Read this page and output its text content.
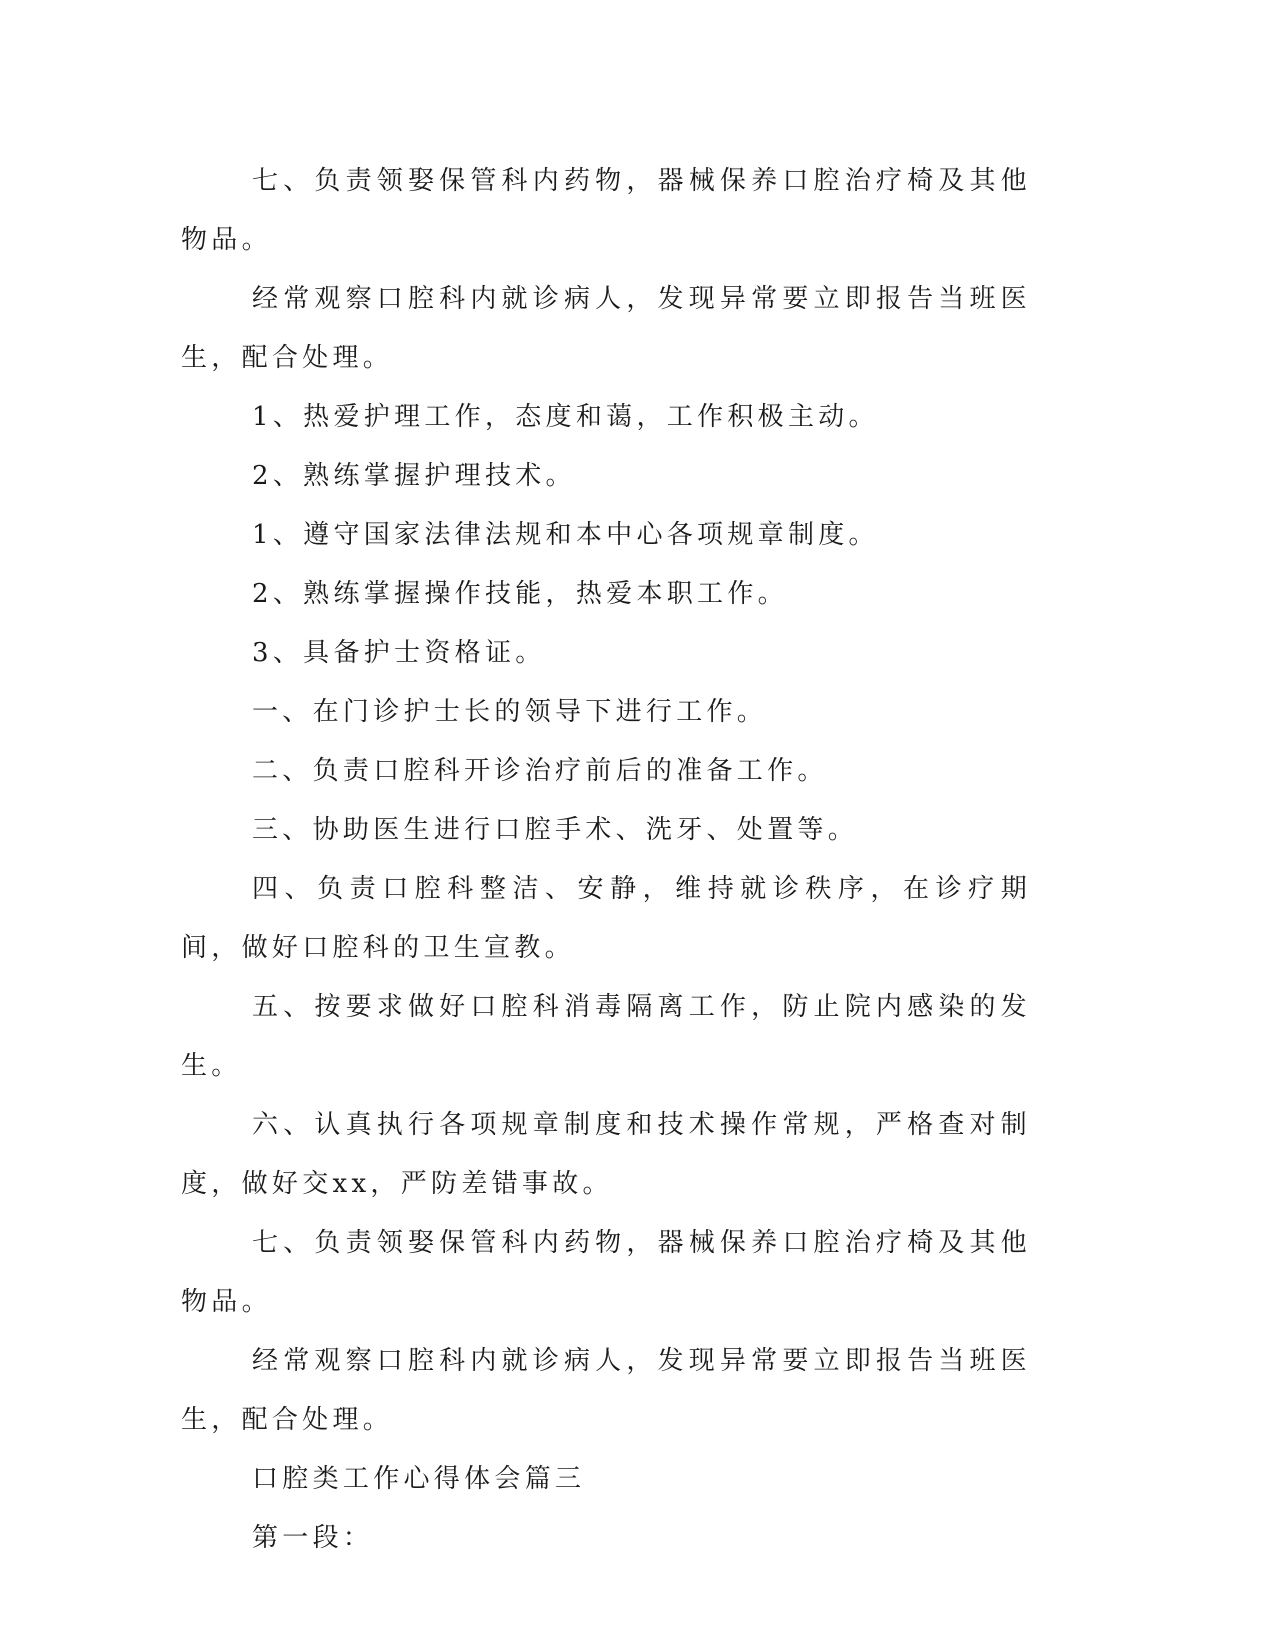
七、负责领娶保管科内药物，器械保养口腔治疗椅及其他物品。

经常观察口腔科内就诊病人，发现异常要立即报告当班医生，配合处理。

1、热爱护理工作，态度和蔼，工作积极主动。

2、熟练掌握护理技术。

1、遵守国家法律法规和本中心各项规章制度。

2、熟练掌握操作技能，热爱本职工作。

3、具备护士资格证。

一、在门诊护士长的领导下进行工作。

二、负责口腔科开诊治疗前后的准备工作。

三、协助医生进行口腔手术、洗牙、处置等。

四、负责口腔科整洁、安静，维持就诊秩序，在诊疗期间，做好口腔科的卫生宣教。

五、按要求做好口腔科消毒隔离工作，防止院内感染的发生。

六、认真执行各项规章制度和技术操作常规，严格查对制度，做好交xx，严防差错事故。

七、负责领娶保管科内药物，器械保养口腔治疗椅及其他物品。

经常观察口腔科内就诊病人，发现异常要立即报告当班医生，配合处理。

口腔类工作心得体会篇三

第一段：
